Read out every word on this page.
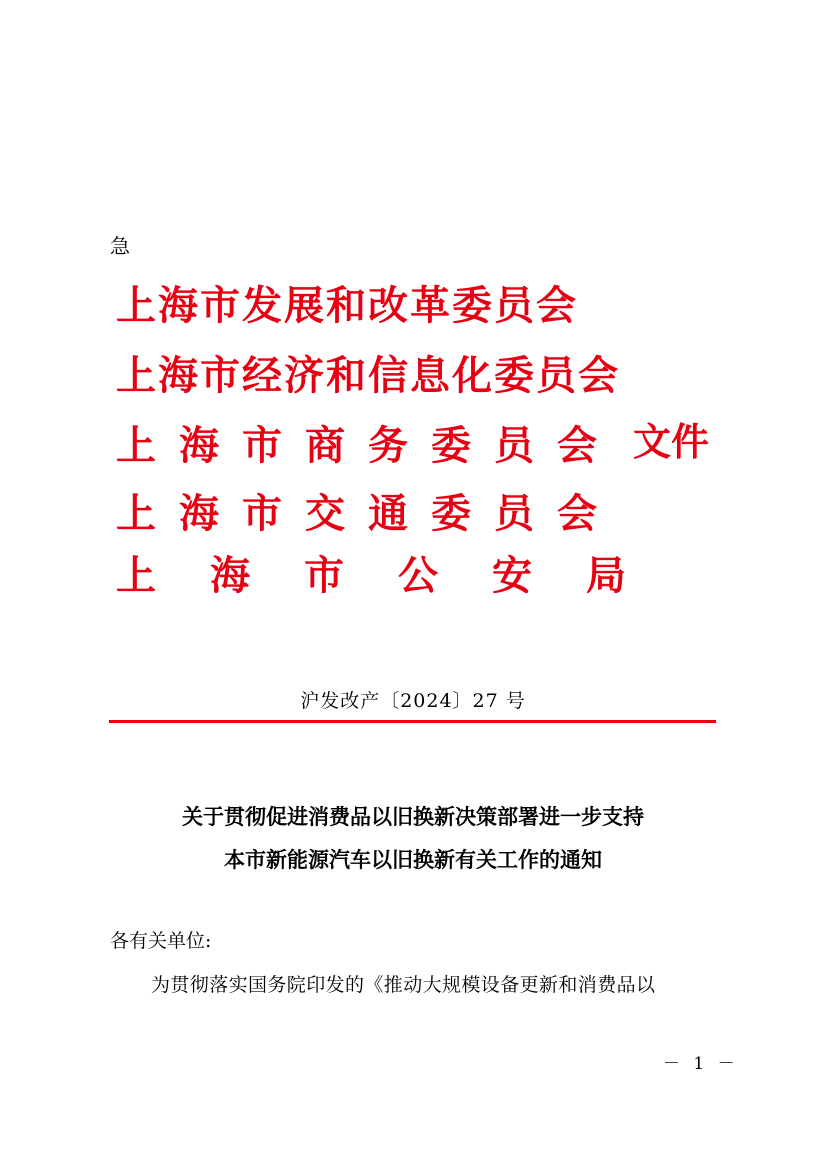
急
上 海 市 发 展 和 改 革 委 员 会
上 海 市 经 济 和 信 息 化 委 员 会
上 海 市 商 务 委 员 会
上 海 市 交 通 委 员 会
上	海	市	公	安	局
文件
沪发改产〔2024〕27 号
关于贯彻促进消费品以旧换新决策部署进一步支持
本市新能源汽车以旧换新有关工作的通知
各有关单位:
为贯彻落实国务院印发的《推动大规模设备更新和消费品以
－ 1 －
